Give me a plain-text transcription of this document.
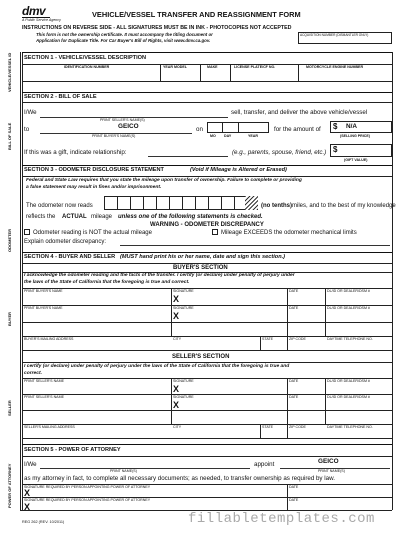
dmv
A Public Service Agency
VEHICLE/VESSEL TRANSFER AND REASSIGNMENT FORM
INSTRUCTIONS ON REVERSE SIDE - ALL SIGNATURES MUST BE IN INK - PHOTOCOPIES NOT ACCEPTED
This form is not the ownership certificate. It must accompany the titling document or
Application for Duplicate Title. For Car Buyer's Bill of Rights, visit www.dmv.ca.gov.
ACQUISITION NUMBER (DISMANTLER ONLY)
VEHICLE/VESSEL ID
BILL OF SALE
ODOMETER
BUYER
SELLER
POWER OF ATTORNEY
SECTION 1 - VEHICLE/VESSEL DESCRIPTION
IDENTIFICATION NUMBER	YEAR MODEL	MAKE	LICENSE PLATE/CF NO.	MOTORCYCLE ENGINE NUMBER
SECTION 2 - BILL OF SALE
I/We
PRINT SELLER'S NAME(S)
sell, transfer, and deliver the above vehicle/vessel
to	GEICO
PRINT BUYER'S NAME(S)
on
MO DAY	YEAR
for the amount of $ N/A
(SELLING PRICE)
If this was a gift, indicate relationship:	(e.g., parents, spouse, friend, etc.) $
(GIFT VALUE)
SECTION 3 - ODOMETER DISCLOSURE STATEMENT	(Void if Mileage is Altered or Erased)
Federal and State Law requires that you state the mileage upon transfer of ownership. Failure to complete or providing
a false statement may result in fines and/or imprisonment.
The odometer now reads	(no tenths) miles, and to the best of my knowledge
reflects the ACTUAL mileage unless one of the following statements is checked.
WARNING - ODOMETER DISCREPANCY
Odometer reading is NOT the actual mileage	Mileage EXCEEDS the odometer mechanical limits
Explain odometer discrepancy:
SECTION 4 - BUYER AND SELLER (MUST hand print his or her name, date and sign this section.)
BUYER'S SECTION
I acknowledge the odometer reading and the facts of the transfer. I certify (or declare) under penalty of perjury under
the laws of the State of California that the foregoing is true and correct.
PRINT BUYER'S NAME	SIGNATURE
X
DATE	DL/ID OR DEALER/DSM #
PRINT BUYER'S NAME	SIGNATURE
X
DATE	DL/ID OR DEALER/DSM #
BUYER'S MAILING ADDRESS	CITY	STATE	ZIP CODE	DAYTIME TELEPHONE NO.
SELLER'S SECTION
I certify (or declare) under penalty of perjury under the laws of the State of California that the foregoing is true and
correct.
PRINT SELLER'S NAME	SIGNATURE
X
DATE	DL/ID OR DEALER/DSM #
PRINT SELLER'S NAME	SIGNATURE
X
DATE	DL/ID OR DEALER/DSM #
SELLER'S MAILING ADDRESS	CITY	STATE	ZIP CODE	DAYTIME TELEPHONE NO.
SECTION 5 - POWER OF ATTORNEY
I/We
PRINT NAME(S)
appoint	GEICO
PRINT NAME(S)
as my attorney in fact, to complete all necessary documents; as needed, to transfer ownership as required by law.
SIGNATURE REQUIRED BY PERSON APPOINTING POWER OF ATTORNEY
X
DATE
SIGNATURE REQUIRED BY PERSON APPOINTING POWER OF ATTORNEY
X
DATE
REG 262 (REV. 10/2011)	fillabletemplates.com
